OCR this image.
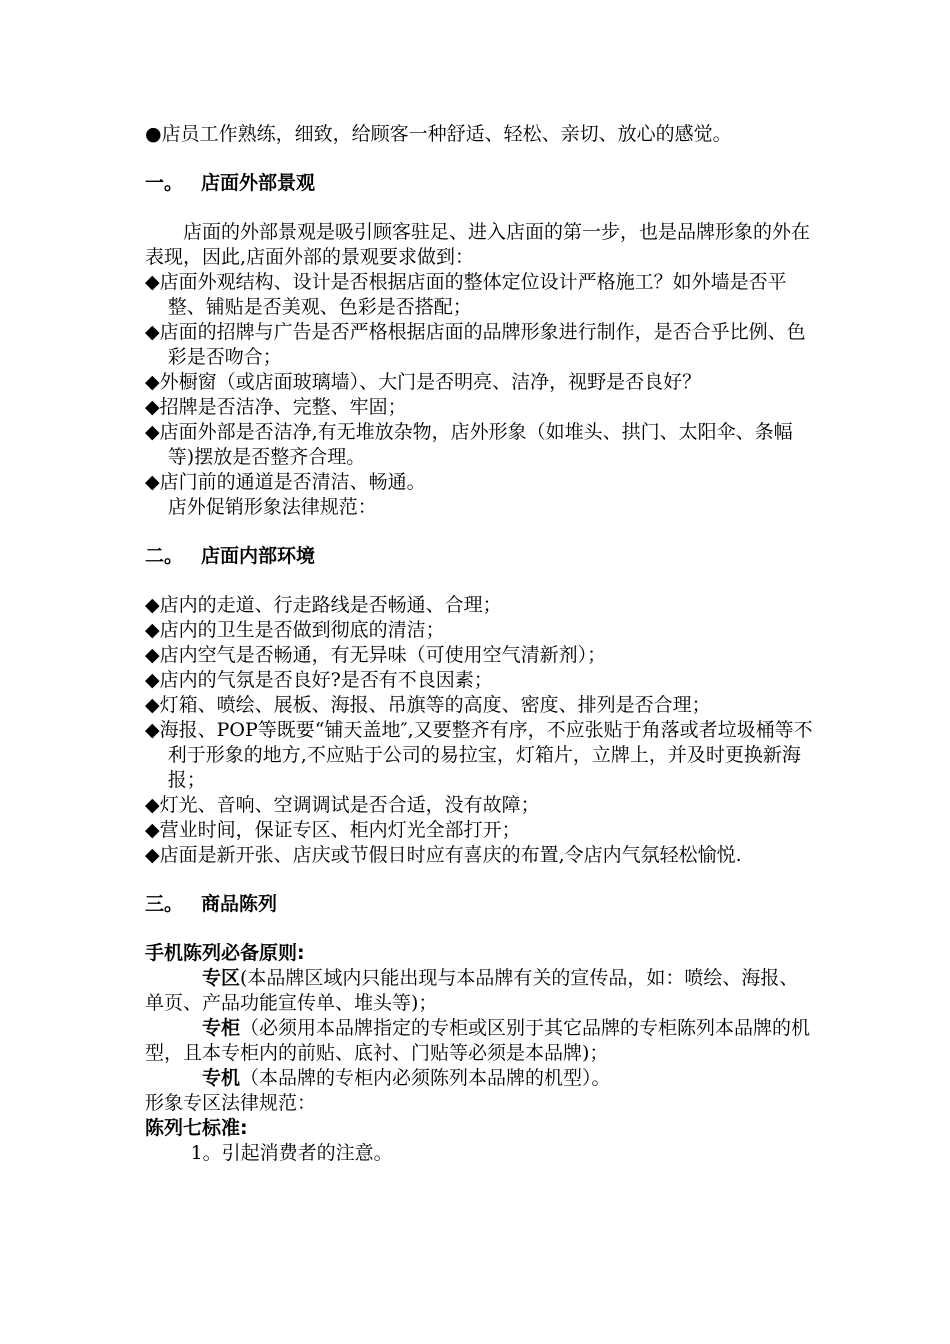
●店员工作熟练，细致，给顾客一种舒适、轻松、亲切、放心的感觉。

一。 店面外部景观

店面的外部景观是吸引顾客驻足、进入店面的第一步，也是品牌形象的外在表现，因此,店面外部的景观要求做到：

◆店面外观结构、设计是否根据店面的整体定位设计严格施工？如外墙是否平整、铺贴是否美观、色彩是否搭配；

◆店面的招牌与广告是否严格根据店面的品牌形象进行制作，是否合乎比例、色彩是否吻合；

◆外橱窗（或店面玻璃墙）、大门是否明亮、洁净，视野是否良好？

◆招牌是否洁净、完整、牢固；

◆店面外部是否洁净,有无堆放杂物，店外形象（如堆头、拱门、太阳伞、条幅等)摆放是否整齐合理。

◆店门前的通道是否清洁、畅通。

店外促销形象法律规范：

二。 店面内部环境

◆店内的走道、行走路线是否畅通、合理；

◆店内的卫生是否做到彻底的清洁；

◆店内空气是否畅通，有无异味（可使用空气清新剂）；

◆店内的气氛是否良好?是否有不良因素；

◆灯箱、喷绘、展板、海报、吊旗等的高度、密度、排列是否合理；

◆海报、POP等既要“铺天盖地″,又要整齐有序，不应张贴于角落或者垃圾桶等不利于形象的地方,不应贴于公司的易拉宝，灯箱片，立牌上，并及时更换新海报；

◆灯光、音响、空调调试是否合适，没有故障；

◆营业时间，保证专区、柜内灯光全部打开；

◆店面是新开张、店庆或节假日时应有喜庆的布置,令店内气氛轻松愉悦.

三。 商品陈列

手机陈列必备原则:

专区(本品牌区域内只能出现与本品牌有关的宣传品，如：喷绘、海报、单页、产品功能宣传单、堆头等)；

专柜（必须用本品牌指定的专柜或区别于其它品牌的专柜陈列本品牌的机型，且本专柜内的前贴、底衬、门贴等必须是本品牌)；

专机（本品牌的专柜内必须陈列本品牌的机型）。

形象专区法律规范：

陈列七标准:

1。引起消费者的注意。
